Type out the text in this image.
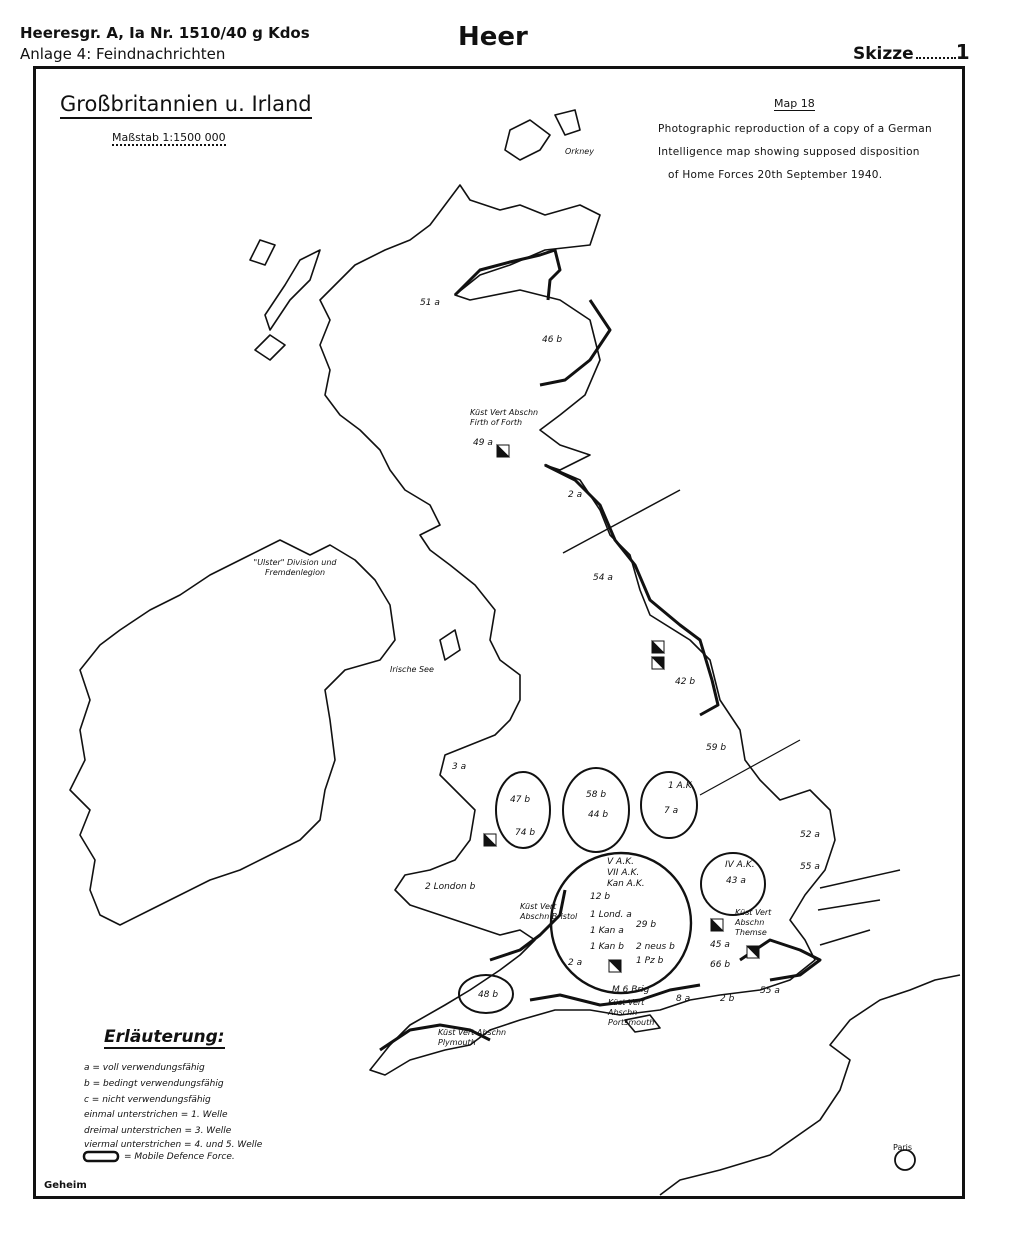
Heeresgr. A, Ia Nr. 1510/40 g Kdos
Anlage 4: Feindnachrichten
Heer
Skizze 1
Großbritannien u. Irland
Maßstab 1:1500 000
Map 18
Photographic reproduction of a copy of a German
Intelligence map showing supposed disposition
of Home Forces 20th September 1940.
Orkney
Küst Vert Abschn Firth of Forth
Küst Vert Abschn Bristol	Küst Vert Abschn Themse
Küst Vert Abschn Portsmouth
Küst Vert Abschn Plymouth
Irische See
"Ulster" Division und Fremdenlegion
Paris
51 a
46 b
49 a
2 a
54 a
42 b
59 b
3 a
47 b
74 b
58 b
44 b
1 A.K.
7 a
52 a
55 a
IV A.K.
43 a
2 London b
V A.K.
VII A.K.
Kan A.K.
12 b
1 Lond. a
1 Kan a
1 Kan b
29 b
2 neus b
1 Pz b
2 a
48 b	M 6 Brig
8 a
45 a
66 b
55 a
2 b
Erläuterung:
a = voll verwendungsfähig
b = bedingt verwendungsfähig
c = nicht verwendungsfähig
einmal unterstrichen = 1. Welle
dreimal unterstrichen = 3. Welle
viermal unterstrichen = 4. und 5. Welle
= Mobile Defence Force.
Geheim
